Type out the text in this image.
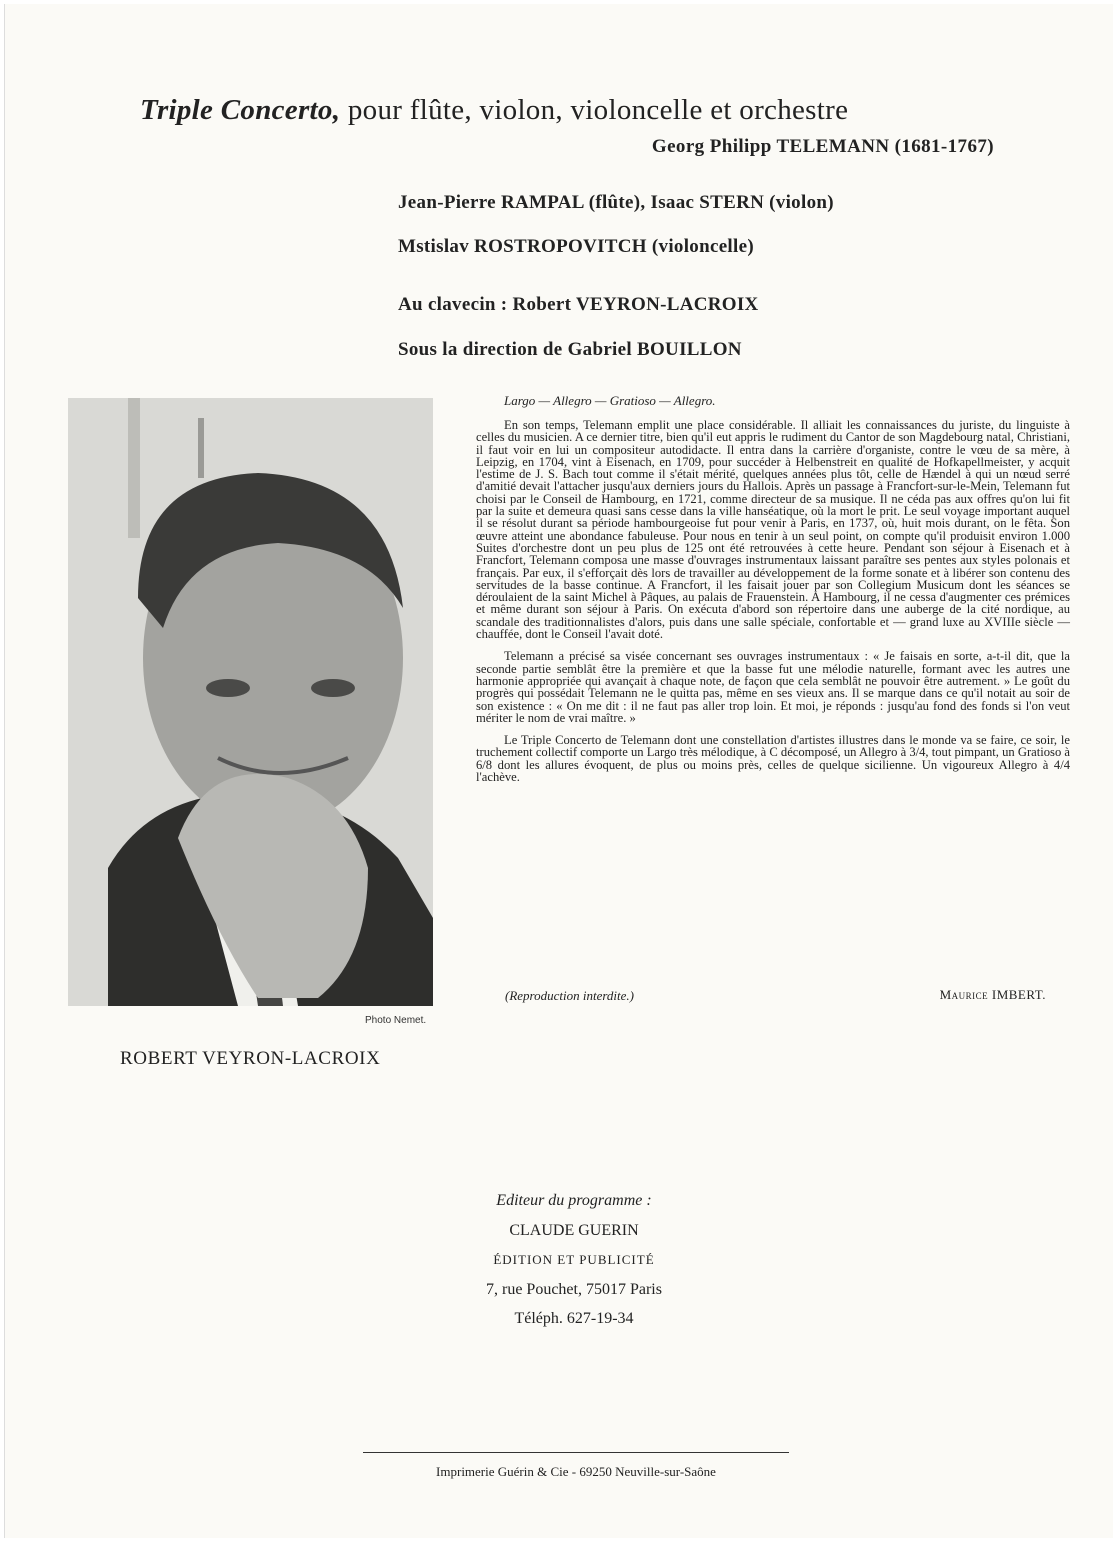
Triple Concerto, pour flûte, violon, violoncelle et orchestre
Georg Philipp TELEMANN (1681-1767)
Jean-Pierre RAMPAL (flûte), Isaac STERN (violon)
Mstislav ROSTROPOVITCH (violoncelle)
Au clavecin : Robert VEYRON-LACROIX
Sous la direction de Gabriel BOUILLON
Photo Nemet.
ROBERT VEYRON-LACROIX
Largo — Allegro — Gratioso — Allegro.

En son temps, Telemann emplit une place considérable. Il alliait les connaissances du juriste, du linguiste à celles du musicien. A ce dernier titre, bien qu'il eut appris le rudiment du Cantor de son Magdebourg natal, Christiani, il faut voir en lui un compositeur autodidacte. Il entra dans la carrière d'organiste, contre le vœu de sa mère, à Leipzig, en 1704, vint à Eisenach, en 1709, pour succéder à Helbenstreit en qualité de Hofkapellmeister, y acquit l'estime de J. S. Bach tout comme il s'était mérité, quelques années plus tôt, celle de Hændel à qui un nœud serré d'amitié devait l'attacher jusqu'aux derniers jours du Hallois. Après un passage à Francfort-sur-le-Mein, Telemann fut choisi par le Conseil de Hambourg, en 1721, comme directeur de sa musique. Il ne céda pas aux offres qu'on lui fit par la suite et demeura quasi sans cesse dans la ville hanséatique, où la mort le prit. Le seul voyage important auquel il se résolut durant sa période hambourgeoise fut pour venir à Paris, en 1737, où, huit mois durant, on le fêta. Son œuvre atteint une abondance fabuleuse. Pour nous en tenir à un seul point, on compte qu'il produisit environ 1.000 Suites d'orchestre dont un peu plus de 125 ont été retrouvées à cette heure. Pendant son séjour à Eisenach et à Francfort, Telemann composa une masse d'ouvrages instrumentaux laissant paraître ses pentes aux styles polonais et français. Par eux, il s'efforçait dès lors de travailler au développement de la forme sonate et à libérer son contenu des servitudes de la basse continue. A Francfort, il les faisait jouer par son Collegium Musicum dont les séances se déroulaient de la saint Michel à Pâques, au palais de Frauenstein. A Hambourg, il ne cessa d'augmenter ces prémices et même durant son séjour à Paris. On exécuta d'abord son répertoire dans une auberge de la cité nordique, au scandale des traditionnalistes d'alors, puis dans une salle spéciale, confortable et — grand luxe au XVIIIe siècle — chauffée, dont le Conseil l'avait doté.

Telemann a précisé sa visée concernant ses ouvrages instrumentaux : « Je faisais en sorte, a-t-il dit, que la seconde partie semblât être la première et que la basse fut une mélodie naturelle, formant avec les autres une harmonie appropriée qui avançait à chaque note, de façon que cela semblât ne pouvoir être autrement. » Le goût du progrès qui possédait Telemann ne le quitta pas, même en ses vieux ans. Il se marque dans ce qu'il notait au soir de son existence : « On me dit : il ne faut pas aller trop loin. Et moi, je réponds : jusqu'au fond des fonds si l'on veut mériter le nom de vrai maître. »

Le Triple Concerto de Telemann dont une constellation d'artistes illustres dans le monde va se faire, ce soir, le truchement collectif comporte un Largo très mélodique, à C décomposé, un Allegro à 3/4, tout pimpant, un Gratioso à 6/8 dont les allures évoquent, de plus ou moins près, celles de quelque sicilienne. Un vigoureux Allegro à 4/4 l'achève.

(Reproduction interdite.)	Maurice IMBERT.
Editeur du programme :
CLAUDE GUERIN
ÉDITION ET PUBLICITÉ
7, rue Pouchet, 75017 Paris
Téléph. 627-19-34
Imprimerie Guérin & Cie - 69250 Neuville-sur-Saône
